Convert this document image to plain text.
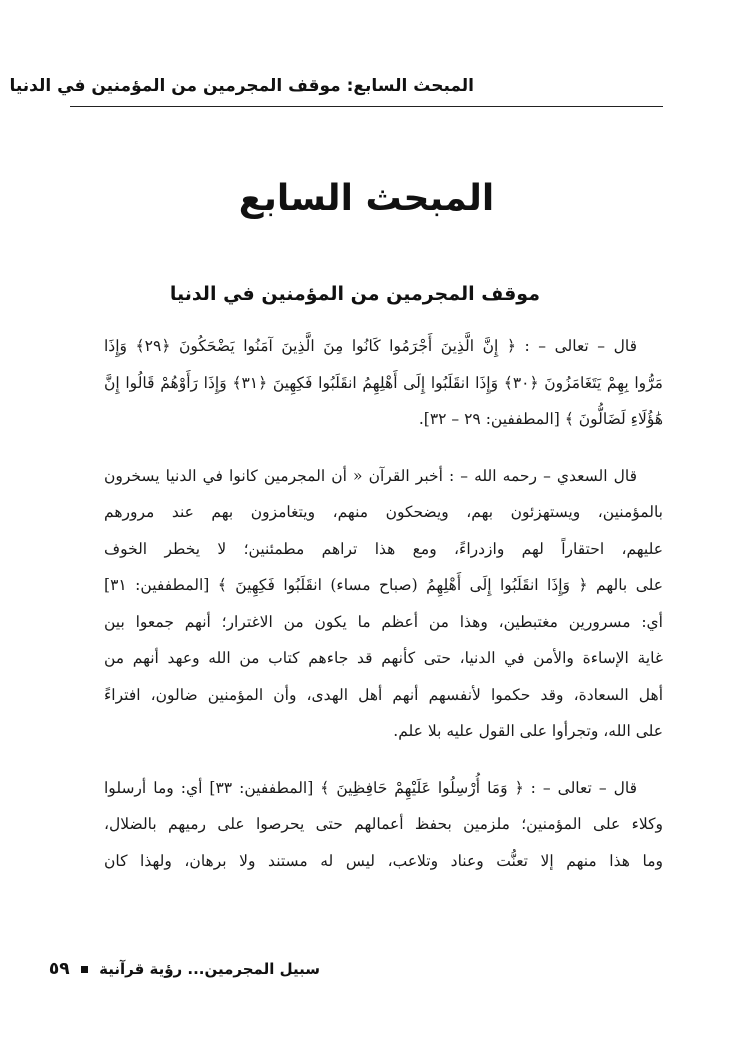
المبحث السابع: موقف المجرمين من المؤمنين في الدنيا
المبحث السابع
موقف المجرمين من المؤمنين في الدنيا
قال – تعالى – : ﴿ إِنَّ الَّذِينَ أَجْرَمُوا كَانُوا مِنَ الَّذِينَ آمَنُوا يَضْحَكُونَ ﴿٢٩﴾ وَإِذَا
مَرُّوا بِهِمْ يَتَغَامَزُونَ ﴿٣٠﴾ وَإِذَا انقَلَبُوا إِلَى أَهْلِهِمُ انقَلَبُوا فَكِهِينَ ﴿٣١﴾ وَإِذَا رَأَوْهُمْ قَالُوا إِنَّ
هَٰؤُلَاءِ لَضَالُّونَ ﴾ [المطففين: ٢٩ – ٣٢].
قال السعدي – رحمه الله – : أخبر القرآن « أن المجرمين كانوا في الدنيا يسخرون
بالمؤمنين، ويستهزئون بهم، ويضحكون منهم، ويتغامزون بهم عند مرورهم
عليهم، احتقاراً لهم وازدراءً، ومع هذا تراهم مطمئنين؛ لا يخطر الخوف
على بالهم ﴿ وَإِذَا انقَلَبُوا إِلَى أَهْلِهِمُ (صباح مساء) انقَلَبُوا فَكِهِينَ ﴾ [المطففين: ٣١]
أي: مسرورين مغتبطين، وهذا من أعظم ما يكون من الاغترار؛ أنهم جمعوا بين
غاية الإساءة والأمن في الدنيا، حتى كأنهم قد جاءهم كتاب من الله وعهد أنهم من
أهل السعادة، وقد حكموا لأنفسهم أنهم أهل الهدى، وأن المؤمنين ضالون، افتراءً
على الله، وتجرأوا على القول عليه بلا علم.
قال – تعالى – : ﴿ وَمَا أُرْسِلُوا عَلَيْهِمْ حَافِظِينَ ﴾ [المطففين: ٣٣] أي: وما أرسلوا
وكلاء على المؤمنين؛ ملزمين بحفظ أعمالهم حتى يحرصوا على رميهم بالضلال،
وما هذا منهم إلا تعنُّت وعناد وتلاعب، ليس له مستند ولا برهان، ولهذا كان
سبيل المجرمين... رؤية قرآنية  ٥٩
